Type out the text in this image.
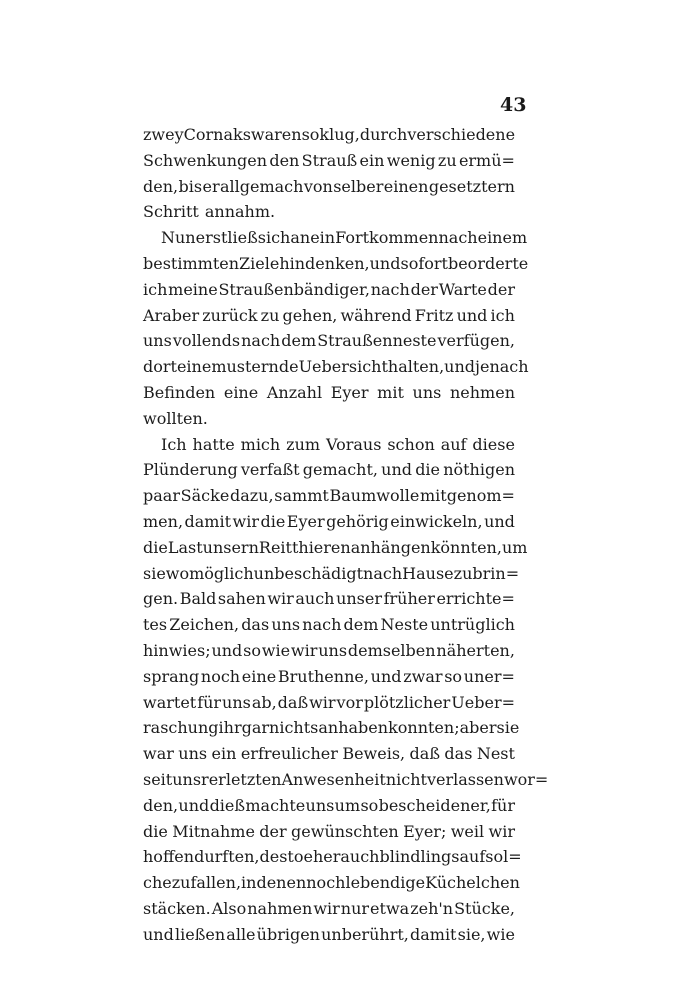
43
zwey Cornaks waren so klug, durch verschiedene
Schwenkungen den Strauß ein wenig zu ermü=
den, bis er allgemach von selber einen gesetztern
Schritt annahm.
Nun erst ließ sich an ein Fortkommen nach einem
bestimmten Ziele hin denken, und sofort beorderte
ich meine Straußenbändiger, nach der Warte der
Araber zurück zu gehen, während Fritz und ich
uns vollends nach dem Straußenneste verfügen,
dort eine musternde Uebersicht halten, und je nach
Befinden eine Anzahl Eyer mit uns nehmen
wollten.
Ich hatte mich zum Voraus schon auf diese
Plünderung verfaßt gemacht, und die nöthigen
paar Säcke dazu, sammt Baumwolle mitgenom=
men, damit wir die Eyer gehörig einwickeln, und
die Last unsern Reitthieren anhängen könnten, um
sie wo möglich unbeschädigt nach Hause zu brin=
gen. Bald sahen wir auch unser früher errichte=
tes Zeichen, das uns nach dem Neste untrüglich
hinwies; und so wie wir uns demselben näherten,
sprang noch eine Bruthenne, und zwar so uner=
wartet für uns ab, daß wir vor plötzlicher Ueber=
raschung ihr gar nichts anhaben konnten; aber sie
war uns ein erfreulicher Beweis, daß das Nest
seit unsrer letzten Anwesenheit nicht verlassen wor=
den, und dieß machte uns um so bescheidener, für
die Mitnahme der gewünschten Eyer; weil wir
hoffen durften, desto eher auch blindlings auf sol=
che zu fallen, in denen noch lebendige Küchelchen
stäcken. Also nahmen wir nur etwa zeh'n Stücke,
und ließen alle übrigen unberührt, damit sie, wie
